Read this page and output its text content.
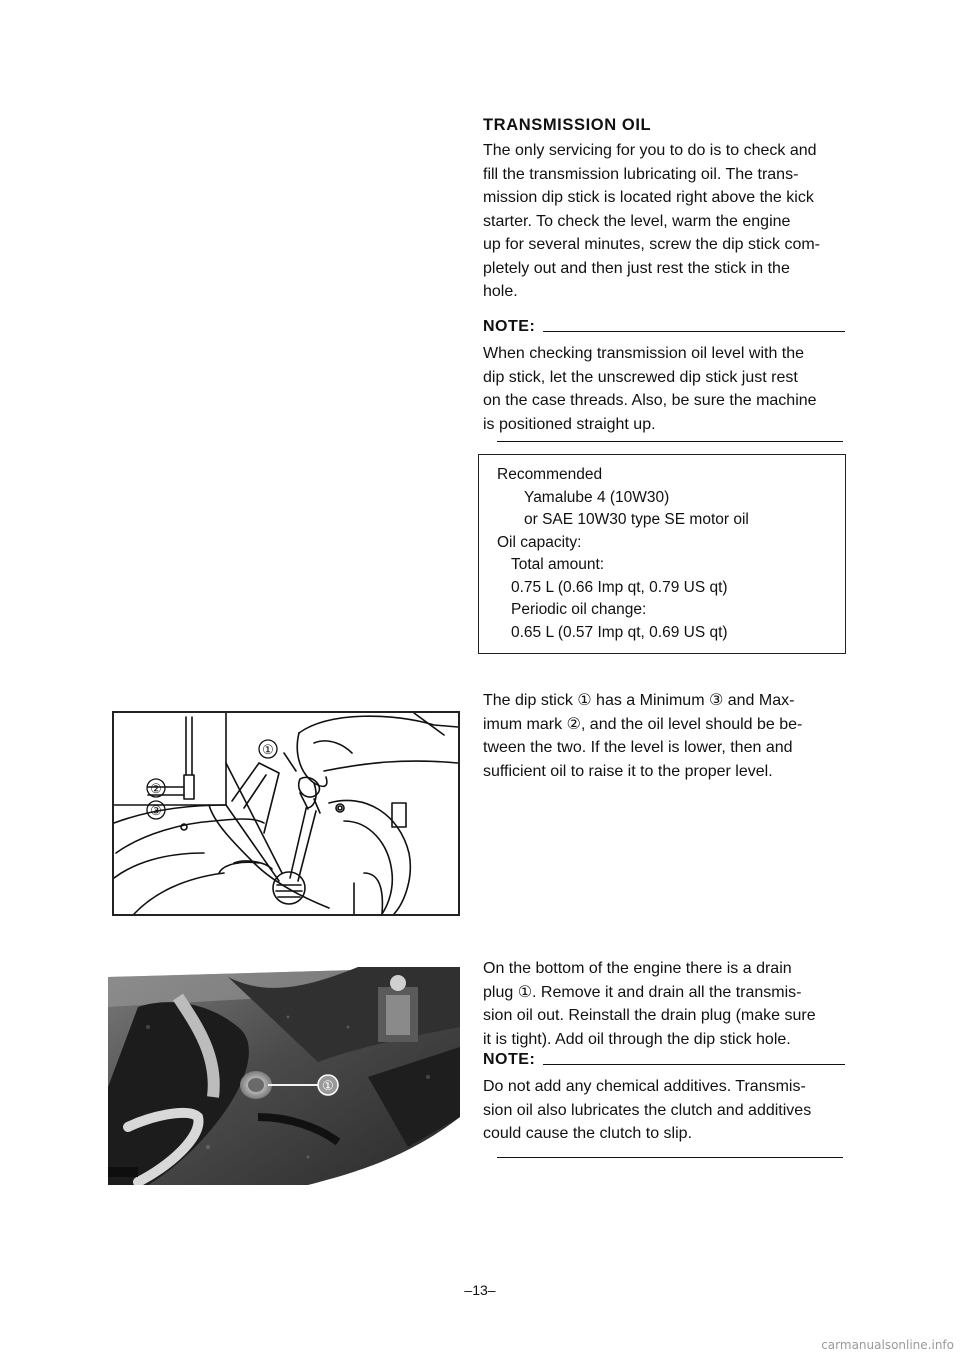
TRANSMISSION OIL

The only servicing for you to do is to check and

fill the transmission lubricating oil. The trans-

mission dip stick is located right above the kick

starter. To check the level, warm the engine

up for several minutes, screw the dip stick com-

pletely out and then just rest the stick in the

hole.

NOTE:

When checking transmission oil level with the

dip stick, let the unscrewed dip stick just rest

on the case threads. Also, be sure the machine

is positioned straight up.

Recommended
Yamalube 4 (10W30)
or SAE 10W30 type SE motor oil
Oil capacity:
Total amount:
0.75 L (0.66 Imp qt, 0.79 US qt)
Periodic oil change:
0.65 L (0.57 Imp qt, 0.69 US qt)

The dip stick ① has a Minimum ③ and Max-

imum mark ②, and the oil level should be be-

tween the two. If the level is lower, then and

sufficient oil to raise it to the proper level.

On the bottom of the engine there is a drain

plug ①. Remove it and drain all the transmis-

sion oil out. Reinstall the drain plug (make sure

it is tight). Add oil through the dip stick hole.

NOTE:

Do not add any chemical additives. Transmis-

sion oil also lubricates the clutch and additives

could cause the clutch to slip.

①
②
③
①
–13–
carmanualsonline.info
